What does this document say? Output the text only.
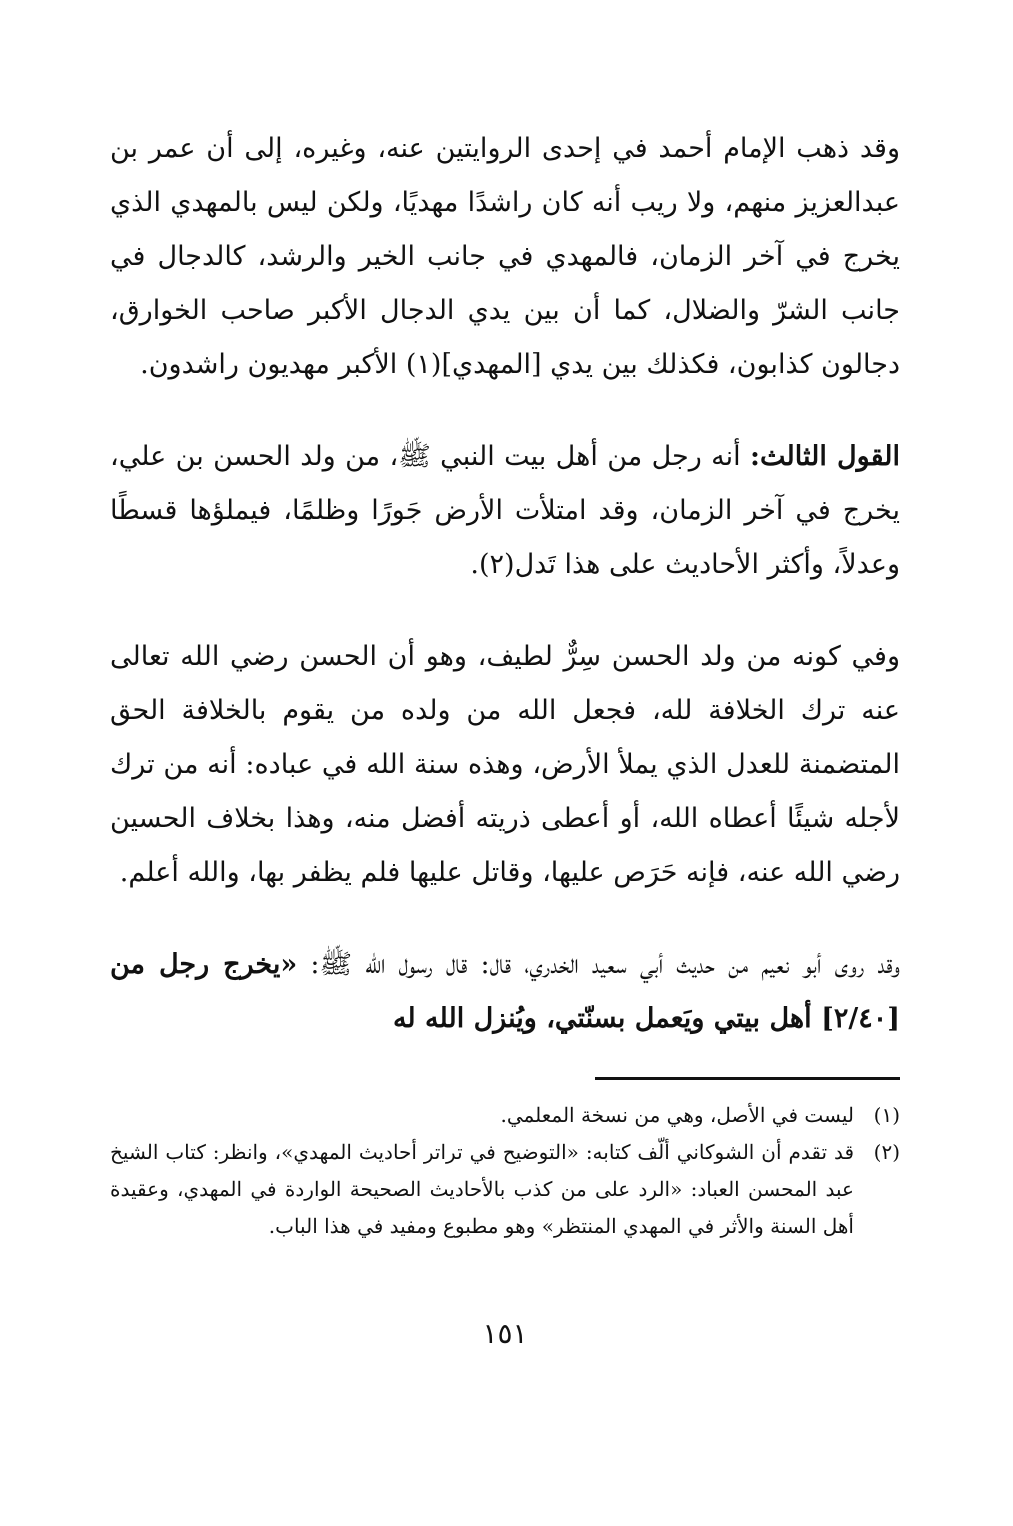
وقد ذهب الإمام أحمد في إحدى الروايتين عنه، وغيره، إلى أن عمر بن عبدالعزيز منهم، ولا ريب أنه كان راشدًا مهديًا، ولكن ليس بالمهدي الذي يخرج في آخر الزمان، فالمهدي في جانب الخير والرشد، كالدجال في جانب الشرّ والضلال، كما أن بين يدي الدجال الأكبر صاحب الخوارق، دجالون كذابون، فكذلك بين يدي [المهدي](١) الأكبر مهديون راشدون.

القول الثالث: أنه رجل من أهل بيت النبي ﷺ، من ولد الحسن بن علي، يخرج في آخر الزمان، وقد امتلأت الأرض جَورًا وظلمًا، فيملؤها قسطًا وعدلاً، وأكثر الأحاديث على هذا تَدل(٢).

وفي كونه من ولد الحسن سِرٌّ لطيف، وهو أن الحسن رضي الله تعالى عنه ترك الخلافة لله، فجعل الله من ولده من يقوم بالخلافة الحق المتضمنة للعدل الذي يملأ الأرض، وهذه سنة الله في عباده: أنه من ترك لأجله شيئًا أعطاه الله، أو أعطى ذريته أفضل منه، وهذا بخلاف الحسين رضي الله عنه، فإنه حَرَص عليها، وقاتل عليها فلم يظفر بها، والله أعلم.

وقد روى أبو نعيم من حديث أبي سعيد الخدري، قال: قال رسول الله ﷺ: «يخرج رجل من [٢/٤٠] أهل بيتي ويَعمل بسنّتي، ويُنزل الله له

(١)
ليست في الأصل، وهي من نسخة المعلمي.
(٢)
قد تقدم أن الشوكاني ألّف كتابه: «التوضيح في تراتر أحاديث المهدي»، وانظر: كتاب الشيخ عبد المحسن العباد: «الرد على من كذب بالأحاديث الصحيحة الواردة في المهدي، وعقيدة أهل السنة والأثر في المهدي المنتظر» وهو مطبوع ومفيد في هذا الباب.
١٥١
